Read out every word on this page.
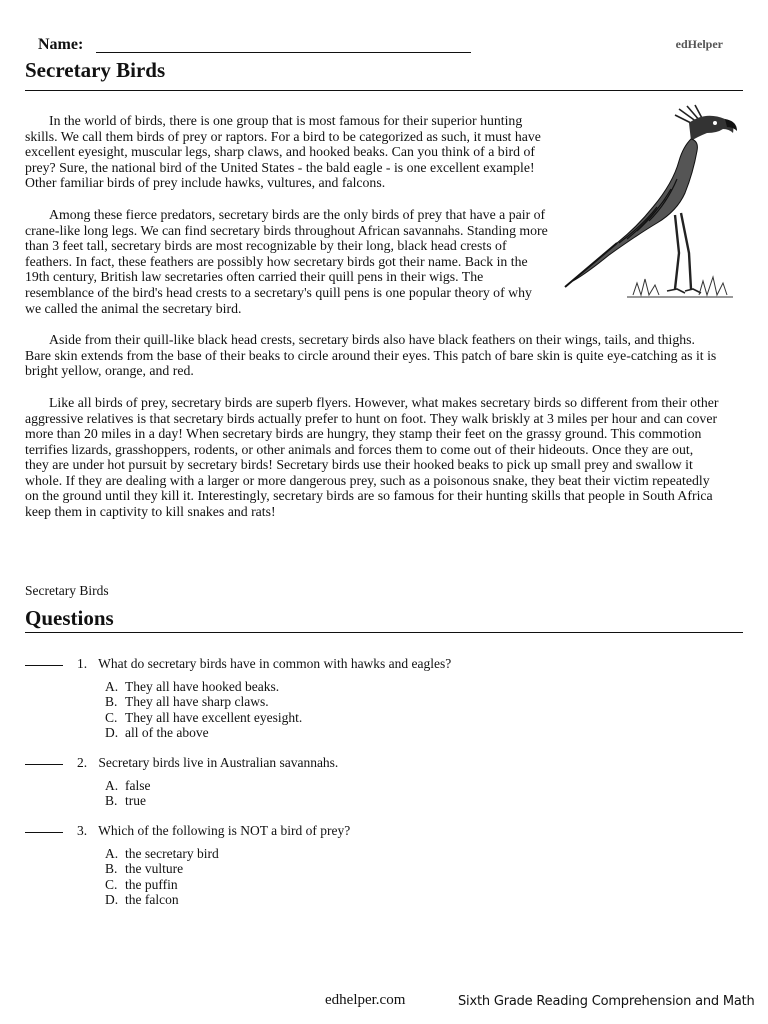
Name:	edHelper
Secretary Birds

In the world of birds, there is one group that is most famous for their superior hunting skills. We call them birds of prey or raptors. For a bird to be categorized as such, it must have excellent eyesight, muscular legs, sharp claws, and hooked beaks. Can you think of a bird of prey? Sure, the national bird of the United States - the bald eagle - is one excellent example! Other familiar birds of prey include hawks, vultures, and falcons.

Among these fierce predators, secretary birds are the only birds of prey that have a pair of crane-like long legs. We can find secretary birds throughout African savannahs. Standing more than 3 feet tall, secretary birds are most recognizable by their long, black head crests of feathers. In fact, these feathers are possibly how secretary birds got their name. Back in the 19th century, British law secretaries often carried their quill pens in their wigs. The resemblance of the bird's head crests to a secretary's quill pens is one popular theory of why we called the animal the secretary bird.

Aside from their quill-like black head crests, secretary birds also have black feathers on their wings, tails, and thighs. Bare skin extends from the base of their beaks to circle around their eyes. This patch of bare skin is quite eye-catching as it is bright yellow, orange, and red.

Like all birds of prey, secretary birds are superb flyers. However, what makes secretary birds so different from their other aggressive relatives is that secretary birds actually prefer to hunt on foot. They walk briskly at 3 miles per hour and can cover more than 20 miles in a day! When secretary birds are hungry, they stamp their feet on the grassy ground. This commotion terrifies lizards, grasshoppers, rodents, or other animals and forces them to come out of their hideouts. Once they are out, they are under hot pursuit by secretary birds! Secretary birds use their hooked beaks to pick up small prey and swallow it whole. If they are dealing with a larger or more dangerous prey, such as a poisonous snake, they beat their victim repeatedly on the ground until they kill it. Interestingly, secretary birds are so famous for their hunting skills that people in South Africa keep them in captivity to kill snakes and rats!

Secretary Birds
Questions
1. What do secretary birds have in common with hawks and eagles?
A. They all have hooked beaks.
B. They all have sharp claws.
C. They all have excellent eyesight.
D. all of the above
2. Secretary birds live in Australian savannahs.
A. false
B. true
3. Which of the following is NOT a bird of prey?
A. the secretary bird
B. the vulture
C. the puffin
D. the falcon
edhelper.com	Sixth Grade Reading Comprehension and Math
